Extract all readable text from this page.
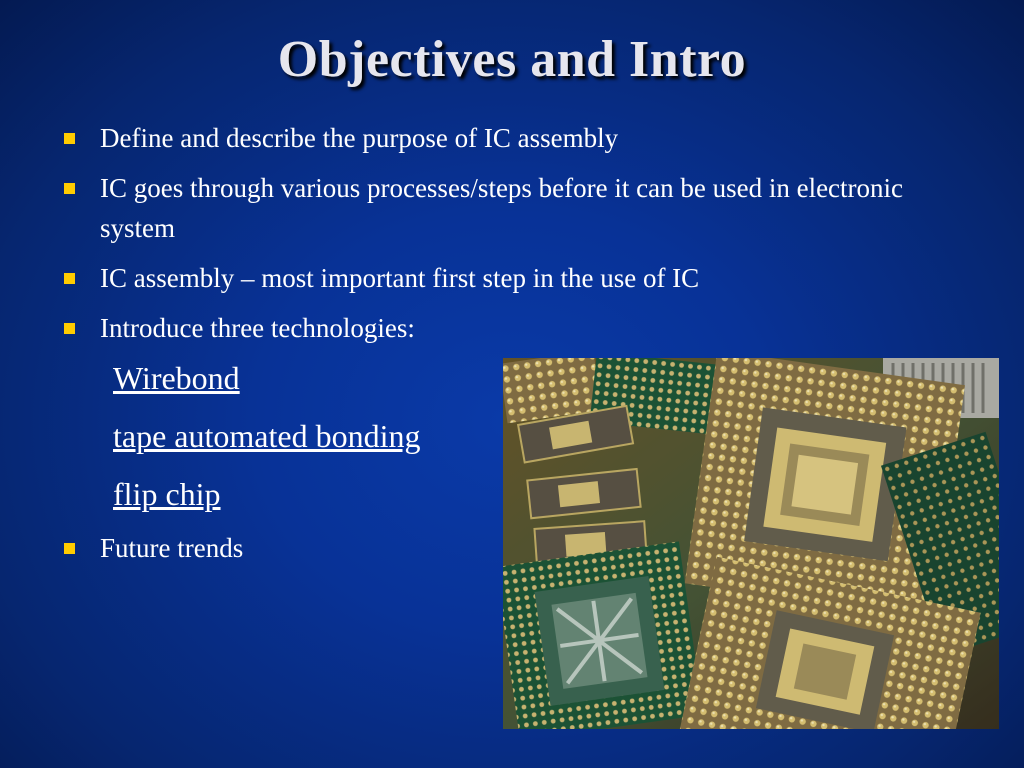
Objectives and Intro
Define and describe the purpose of IC assembly
IC goes through various processes/steps before it can be used in electronic system
IC assembly – most important first step in the use of IC
Introduce three technologies:
Wirebond
tape automated bonding
flip chip
Future trends
